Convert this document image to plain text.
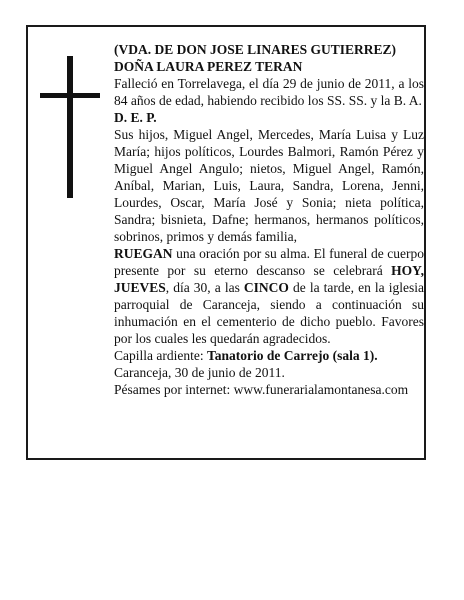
(VDA. DE DON JOSE LINARES GUTIERREZ)

DOÑA LAURA PEREZ TERAN

Falleció en Torrelavega, el día 29 de junio de 2011, a los 84 años de edad, habiendo recibido los SS. SS. y la B. A.

D. E. P.

Sus hijos, Miguel Angel, Mercedes, María Luisa y Luz María; hijos políticos, Lourdes Balmori, Ramón Pérez y Miguel Angel Angulo; nietos, Miguel Angel, Ramón, Aníbal, Marian, Luis, Laura, Sandra, Lorena, Jenni, Lourdes, Oscar, María José y Sonia; nieta política, Sandra; bisnieta, Dafne; hermanos, hermanos políticos, sobrinos, primos y demás familia,

RUEGAN una oración por su alma. El funeral de cuerpo presente por su eterno descanso se celebrará HOY, JUEVES, día 30, a las CINCO de la tarde, en la iglesia parroquial de Caranceja, siendo a continuación su inhumación en el cementerio de dicho pueblo. Favores por los cuales les quedarán agradecidos.

Capilla ardiente: Tanatorio de Carrejo (sala 1).

Caranceja, 30 de junio de 2011.

Pésames por internet: www.funerarialamontanesa.com
